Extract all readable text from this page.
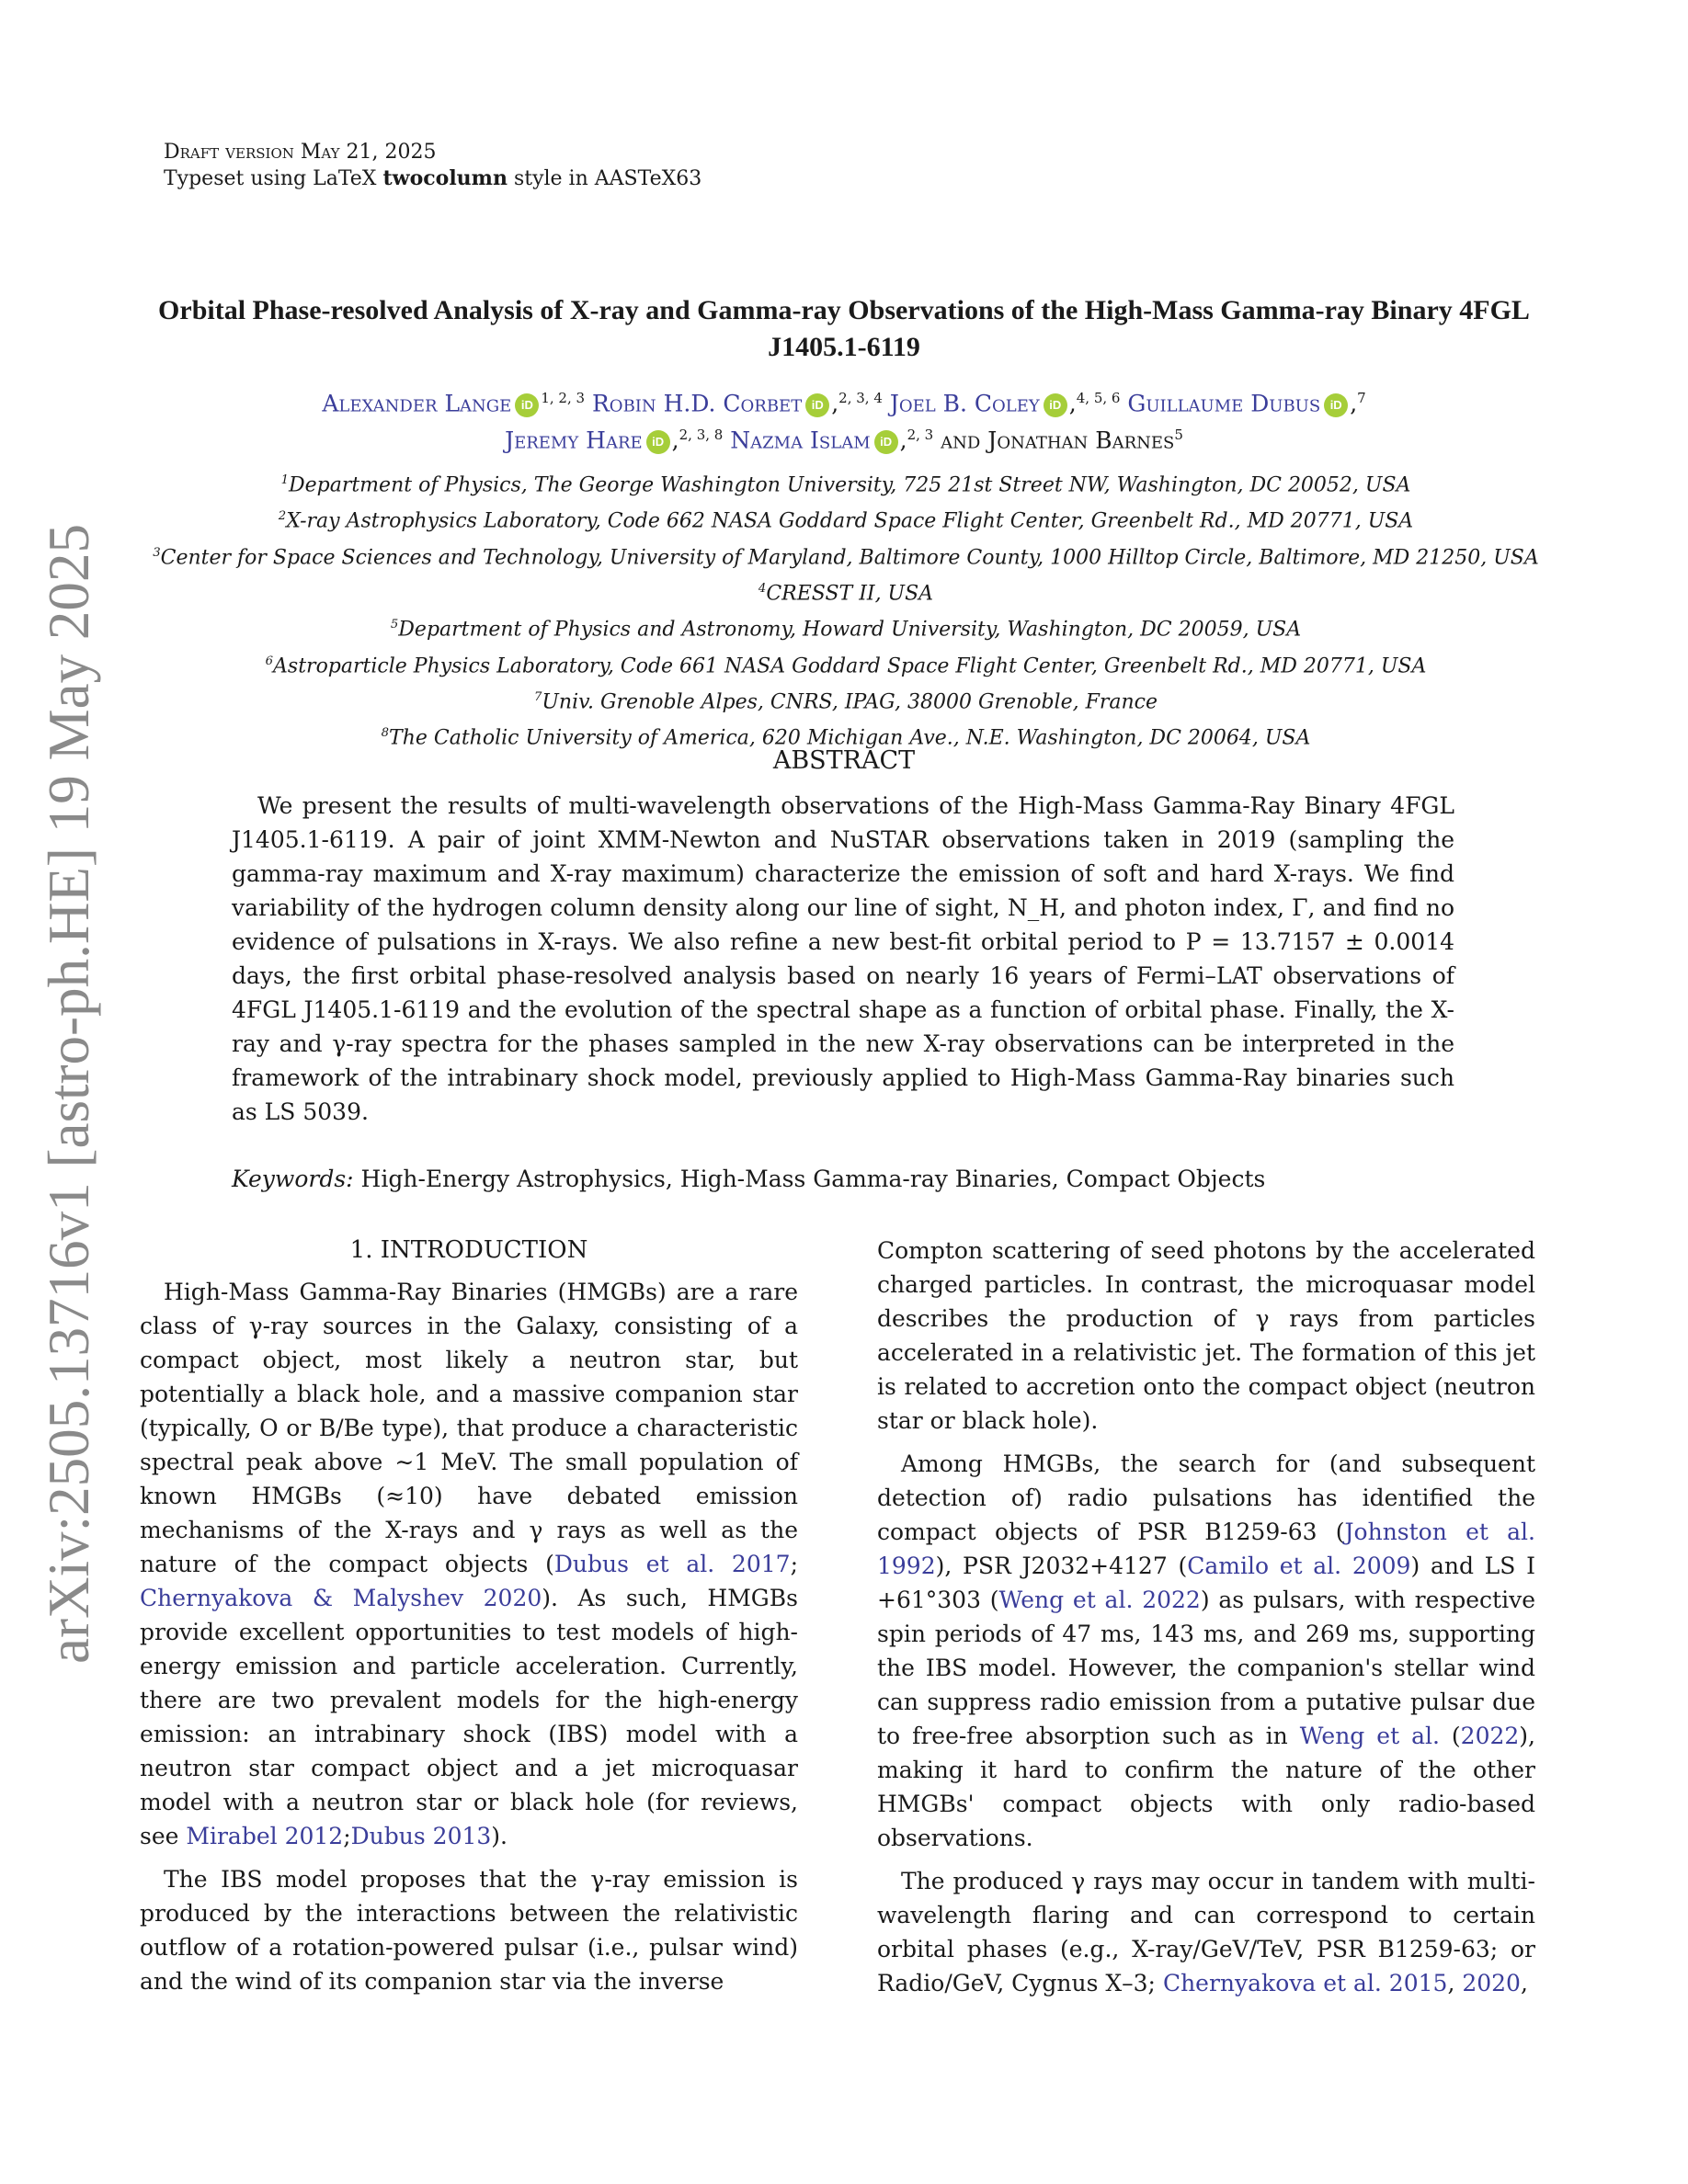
arXiv:2505.13716v1 [astro-ph.HE] 19 May 2025
Draft version May 21, 2025
Typeset using LaTeX twocolumn style in AASTeX63
Orbital Phase-resolved Analysis of X-ray and Gamma-ray Observations of the High-Mass Gamma-ray Binary 4FGL J1405.1-6119
Alexander Lange iD $^{1, 2, 3}$ Robin H.D. Corbet iD ,$^{2, 3, 4}$ Joel B. Coley iD ,$^{4, 5, 6}$ Guillaume Dubus iD ,$^7$
Jeremy Hare iD ,$^{2, 3, 8}$ Nazma Islam iD ,$^{2, 3}$ and Jonathan Barnes$^5$
$^1$Department of Physics, The George Washington University, 725 21st Street NW, Washington, DC 20052, USA
$^2$X-ray Astrophysics Laboratory, Code 662 NASA Goddard Space Flight Center, Greenbelt Rd., MD 20771, USA
$^3$Center for Space Sciences and Technology, University of Maryland, Baltimore County, 1000 Hilltop Circle, Baltimore, MD 21250, USA
$^4$CRESST II, USA
$^5$Department of Physics and Astronomy, Howard University, Washington, DC 20059, USA
$^6$Astroparticle Physics Laboratory, Code 661 NASA Goddard Space Flight Center, Greenbelt Rd., MD 20771, USA
$^7$Univ. Grenoble Alpes, CNRS, IPAG, 38000 Grenoble, France
$^8$The Catholic University of America, 620 Michigan Ave., N.E. Washington, DC 20064, USA
ABSTRACT
We present the results of multi-wavelength observations of the High-Mass Gamma-Ray Binary 4FGL J1405.1-6119. A pair of joint XMM-Newton and NuSTAR observations taken in 2019 (sampling the gamma-ray maximum and X-ray maximum) characterize the emission of soft and hard X-rays. We find variability of the hydrogen column density along our line of sight, N_H, and photon index, Γ, and find no evidence of pulsations in X-rays. We also refine a new best-fit orbital period to P = 13.7157 ± 0.0014 days, the first orbital phase-resolved analysis based on nearly 16 years of Fermi–LAT observations of 4FGL J1405.1-6119 and the evolution of the spectral shape as a function of orbital phase. Finally, the X-ray and γ-ray spectra for the phases sampled in the new X-ray observations can be interpreted in the framework of the intrabinary shock model, previously applied to High-Mass Gamma-Ray binaries such as LS 5039.
Keywords: High-Energy Astrophysics, High-Mass Gamma-ray Binaries, Compact Objects
1. INTRODUCTION

High-Mass Gamma-Ray Binaries (HMGBs) are a rare class of γ-ray sources in the Galaxy, consisting of a compact object, most likely a neutron star, but potentially a black hole, and a massive companion star (typically, O or B/Be type), that produce a characteristic spectral peak above ∼1 MeV. The small population of known HMGBs (≈10) have debated emission mechanisms of the X-rays and γ rays as well as the nature of the compact objects (Dubus et al. 2017; Chernyakova & Malyshev 2020). As such, HMGBs provide excellent opportunities to test models of high-energy emission and particle acceleration. Currently, there are two prevalent models for the high-energy emission: an intrabinary shock (IBS) model with a neutron star compact object and a jet microquasar model with a neutron star or black hole (for reviews, see Mirabel 2012;Dubus 2013).

The IBS model proposes that the γ-ray emission is produced by the interactions between the relativistic outflow of a rotation-powered pulsar (i.e., pulsar wind) and the wind of its companion star via the inverse

Compton scattering of seed photons by the accelerated charged particles. In contrast, the microquasar model describes the production of γ rays from particles accelerated in a relativistic jet. The formation of this jet is related to accretion onto the compact object (neutron star or black hole).

Among HMGBs, the search for (and subsequent detection of) radio pulsations has identified the compact objects of PSR B1259-63 (Johnston et al. 1992), PSR J2032+4127 (Camilo et al. 2009) and LS I +61°303 (Weng et al. 2022) as pulsars, with respective spin periods of 47 ms, 143 ms, and 269 ms, supporting the IBS model. However, the companion's stellar wind can suppress radio emission from a putative pulsar due to free-free absorption such as in Weng et al. (2022), making it hard to confirm the nature of the other HMGBs' compact objects with only radio-based observations.

The produced γ rays may occur in tandem with multi-wavelength flaring and can correspond to certain orbital phases (e.g., X-ray/GeV/TeV, PSR B1259-63; or Radio/GeV, Cygnus X–3; Chernyakova et al. 2015, 2020,
